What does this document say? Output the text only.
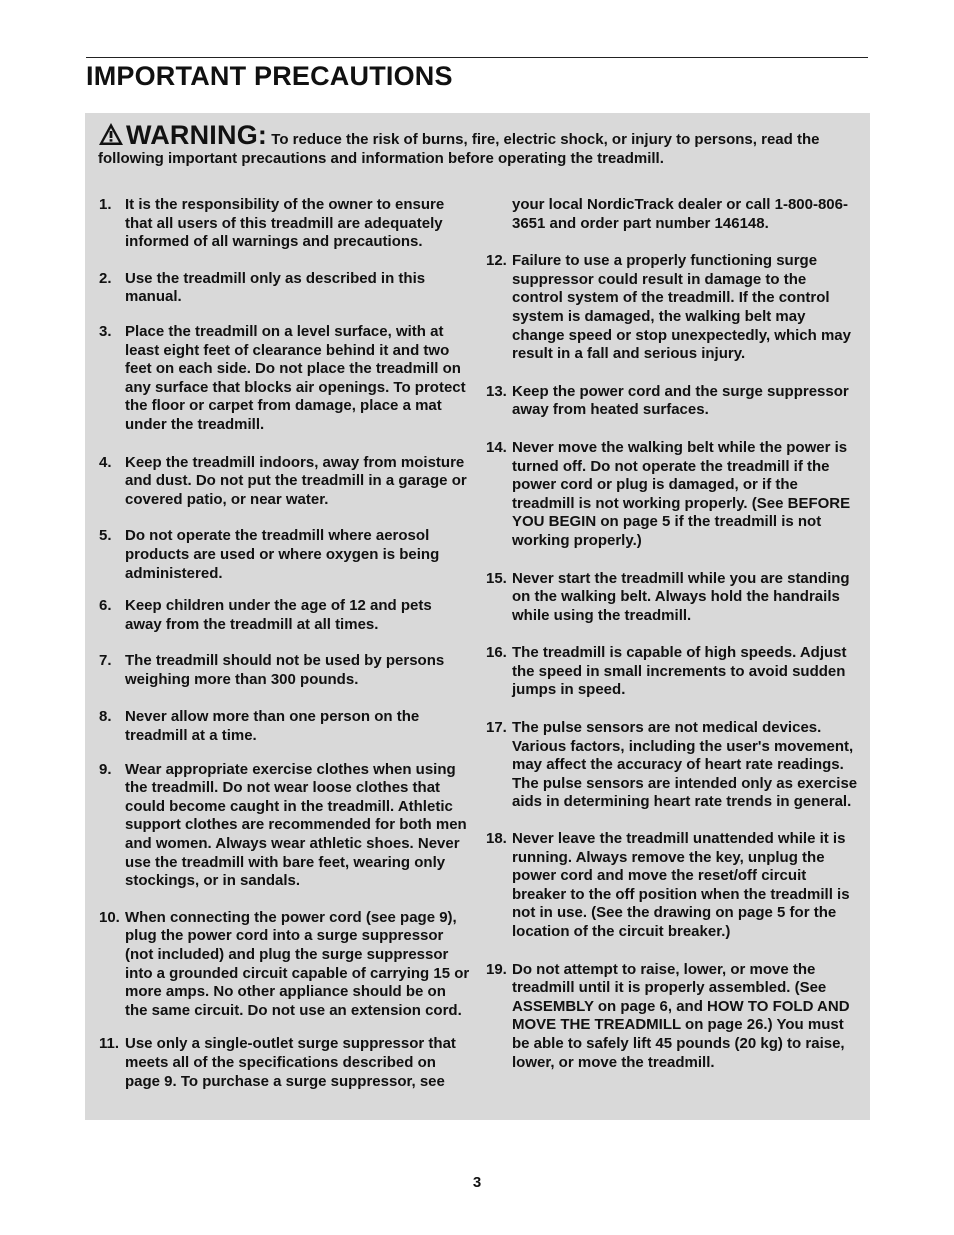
IMPORTANT PRECAUTIONS
WARNING: To reduce the risk of burns, fire, electric shock, or injury to persons, read the following important precautions and information before operating the treadmill.
1. It is the responsibility of the owner to ensure that all users of this treadmill are adequately informed of all warnings and precautions.
2. Use the treadmill only as described in this manual.
3. Place the treadmill on a level surface, with at least eight feet of clearance behind it and two feet on each side. Do not place the treadmill on any surface that blocks air openings. To protect the floor or carpet from damage, place a mat under the treadmill.
4. Keep the treadmill indoors, away from moisture and dust. Do not put the treadmill in a garage or covered patio, or near water.
5. Do not operate the treadmill where aerosol products are used or where oxygen is being administered.
6. Keep children under the age of 12 and pets away from the treadmill at all times.
7. The treadmill should not be used by persons weighing more than 300 pounds.
8. Never allow more than one person on the treadmill at a time.
9. Wear appropriate exercise clothes when using the treadmill. Do not wear loose clothes that could become caught in the treadmill. Athletic support clothes are recommended for both men and women. Always wear athletic shoes. Never use the treadmill with bare feet, wearing only stockings, or in sandals.
10. When connecting the power cord (see page 9), plug the power cord into a surge suppressor (not included) and plug the surge suppressor into a grounded circuit capable of carrying 15 or more amps. No other appliance should be on the same circuit. Do not use an extension cord.
11. Use only a single-outlet surge suppressor that meets all of the specifications described on page 9. To purchase a surge suppressor, see
your local NordicTrack dealer or call 1-800-806-3651 and order part number 146148.
12. Failure to use a properly functioning surge suppressor could result in damage to the control system of the treadmill. If the control system is damaged, the walking belt may change speed or stop unexpectedly, which may result in a fall and serious injury.
13. Keep the power cord and the surge suppressor away from heated surfaces.
14. Never move the walking belt while the power is turned off. Do not operate the treadmill if the power cord or plug is damaged, or if the treadmill is not working properly. (See BEFORE YOU BEGIN on page 5 if the treadmill is not working properly.)
15. Never start the treadmill while you are standing on the walking belt. Always hold the handrails while using the treadmill.
16. The treadmill is capable of high speeds. Adjust the speed in small increments to avoid sudden jumps in speed.
17. The pulse sensors are not medical devices. Various factors, including the user's movement, may affect the accuracy of heart rate readings. The pulse sensors are intended only as exercise aids in determining heart rate trends in general.
18. Never leave the treadmill unattended while it is running. Always remove the key, unplug the power cord and move the reset/off circuit breaker to the off position when the treadmill is not in use. (See the drawing on page 5 for the location of the circuit breaker.)
19. Do not attempt to raise, lower, or move the treadmill until it is properly assembled. (See ASSEMBLY on page 6, and HOW TO FOLD AND MOVE THE TREADMILL on page 26.) You must be able to safely lift 45 pounds (20 kg) to raise, lower, or move the treadmill.
3
